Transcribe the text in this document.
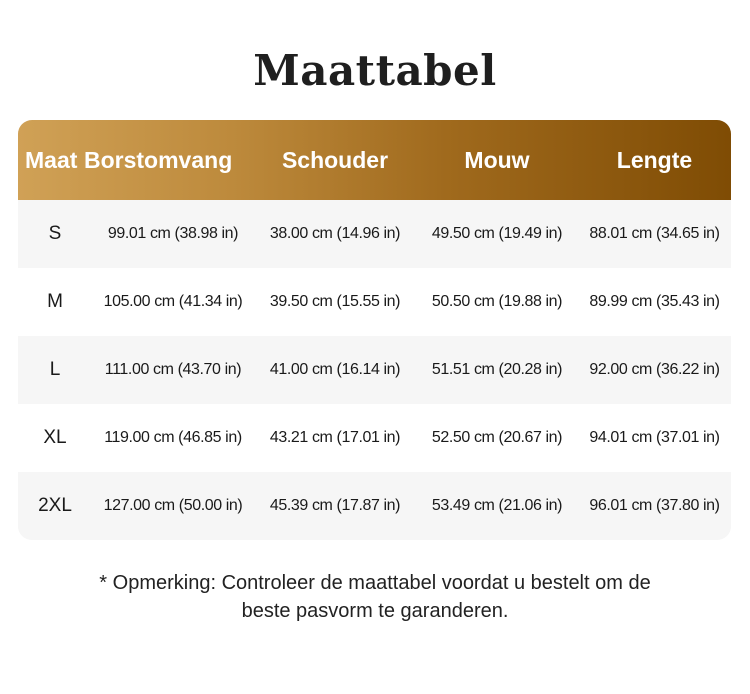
Maattabel
Maat Borstomvang	Schouder	Mouw	Lengte
S	99.01 cm (38.98 in)	38.00 cm (14.96 in)	49.50 cm (19.49 in)	88.01 cm (34.65 in)
M	105.00 cm (41.34 in)	39.50 cm (15.55 in)	50.50 cm (19.88 in)	89.99 cm (35.43 in)
L	111.00 cm (43.70 in)	41.00 cm (16.14 in)	51.51 cm (20.28 in)	92.00 cm (36.22 in)
XL	119.00 cm (46.85 in)	43.21 cm (17.01 in)	52.50 cm (20.67 in)	94.01 cm (37.01 in)
2XL	127.00 cm (50.00 in)	45.39 cm (17.87 in)	53.49 cm (21.06 in)	96.01 cm (37.80 in)
* Opmerking: Controleer de maattabel voordat u bestelt om de
beste pasvorm te garanderen.
